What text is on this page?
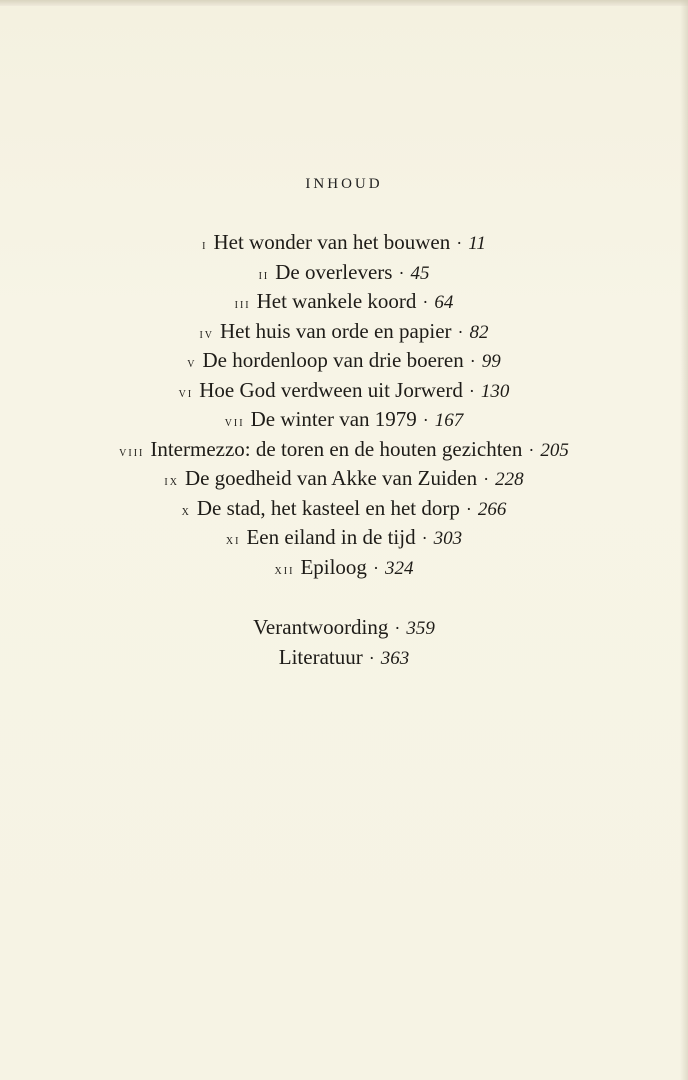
INHOUD
i Het wonder van het bouwen · 11
ii De overlevers · 45
iii Het wankele koord · 64
iv Het huis van orde en papier · 82
v De hordenloop van drie boeren · 99
vi Hoe God verdween uit Jorwerd · 130
vii De winter van 1979 · 167
viii Intermezzo: de toren en de houten gezichten · 205
ix De goedheid van Akke van Zuiden · 228
x De stad, het kasteel en het dorp · 266
xi Een eiland in de tijd · 303
xii Epiloog · 324
Verantwoording · 359
Literatuur · 363
